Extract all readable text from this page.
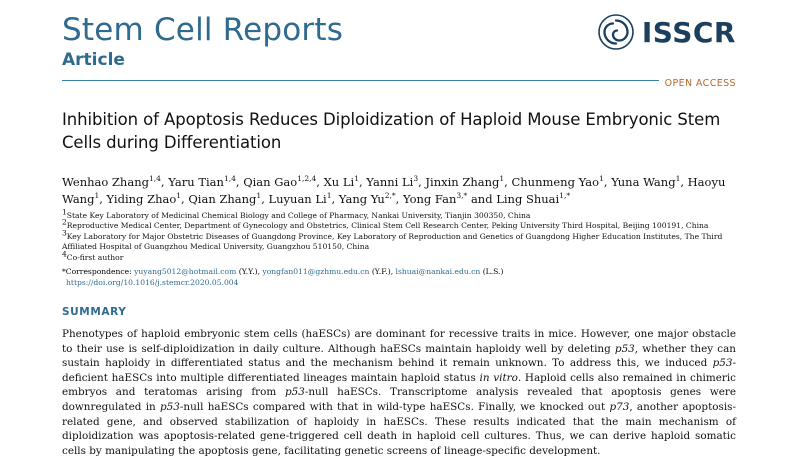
Stem Cell Reports
Article
ISSCR
OPEN ACCESS
Inhibition of Apoptosis Reduces Diploidization of Haploid Mouse Embryonic Stem Cells during Differentiation
Wenhao Zhang$^{1,4}$, Yaru Tian$^{1,4}$, Qian Gao$^{1,2,4}$, Xu Li$^1$, Yanni Li$^3$, Jinxin Zhang$^1$, Chunmeng Yao$^1$, Yuna Wang$^1$, Haoyu Wang$^1$, Yiding Zhao$^1$, Qian Zhang$^1$, Luyuan Li$^1$, Yang $Yu^{2,*}$, Yong Fan$^{3,*}$ and Ling Shuai$^{1,*}$
$^1$State Key Laboratory of Medicinal Chemical Biology and College of Pharmacy, Nankai University, Tianjin 300350, China
$^2$Reproductive Medical Center, Department of Gynecology and Obstetrics, Clinical Stem Cell Research Center, Peking University Third Hospital, Beijing 100191, China
$^3$Key Laboratory for Major Obstetric Diseases of Guangdong Province, Key Laboratory of Reproduction and Genetics of Guangdong Higher Education Institutes, The Third Affiliated Hospital of Guangzhou Medical University, Guangzhou 510150, China
$^4$Co-first author
*Correspondence: yuyang5012@hotmail.com (Y.Y.), yongfan011@gzhmu.edu.cn (Y.F.), lshuai@nankai.edu.cn (L.S.)
https://doi.org/10.1016/j.stemcr.2020.05.004
SUMMARY
Phenotypes of haploid embryonic stem cells (haESCs) are dominant for recessive traits in mice. However, one major obstacle to their use is self-diploidization in daily culture. Although haESCs maintain haploidy well by deleting p53, whether they can sustain haploidy in differentiated status and the mechanism behind it remain unknown. To address this, we induced p53-deficient haESCs into multiple differentiated lineages maintain haploid status in vitro. Haploid cells also remained in chimeric embryos and teratomas arising from p53-null haESCs. Transcriptome analysis revealed that apoptosis genes were downregulated in p53-null haESCs compared with that in wild-type haESCs. Finally, we knocked out p73, another apoptosis-related gene, and observed stabilization of haploidy in haESCs. These results indicated that the main mechanism of diploidization was apoptosis-related gene-triggered cell death in haploid cell cultures. Thus, we can derive haploid somatic cells by manipulating the apoptosis gene, facilitating genetic screens of lineage-specific development.
